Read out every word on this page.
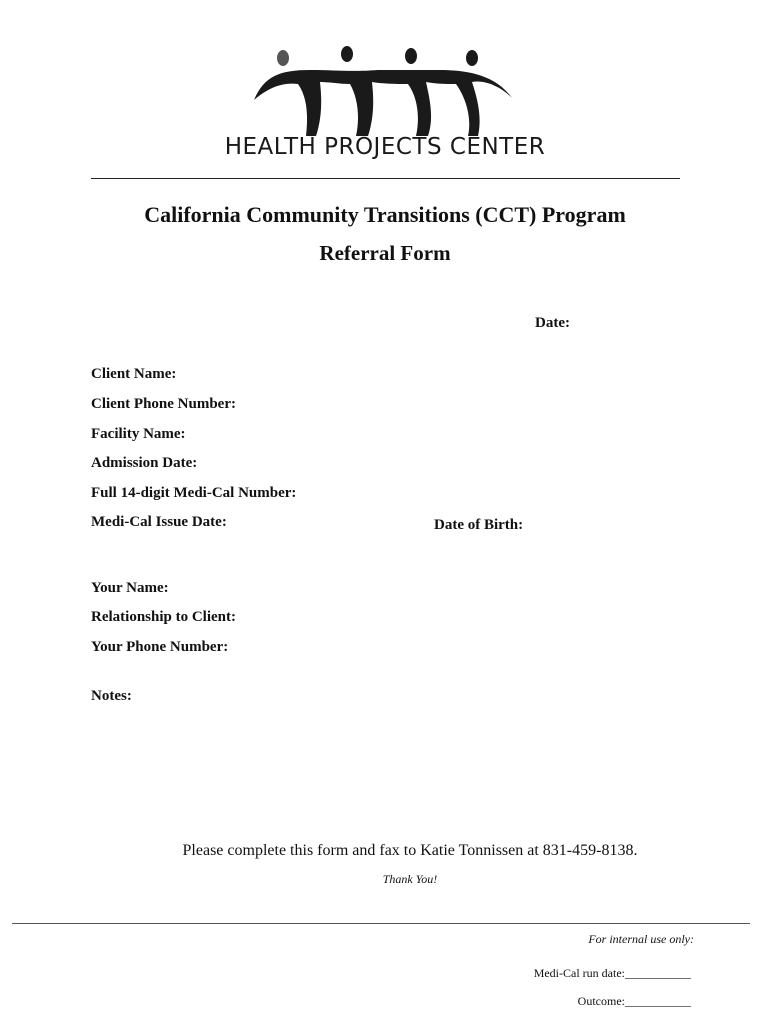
HEALTH PROJECTS CENTER
California Community Transitions (CCT) Program
Referral Form
Date:
Client Name:
Client Phone Number:
Facility Name:
Admission Date:
Full 14-digit Medi-Cal Number:
Medi-Cal Issue Date:	Date of Birth:
Your Name:
Relationship to Client:
Your Phone Number:
Notes:
Please complete this form and fax to Katie Tonnissen at 831-459-8138.
Thank You!
For internal use only:
Medi-Cal run date:___________
Outcome:___________
